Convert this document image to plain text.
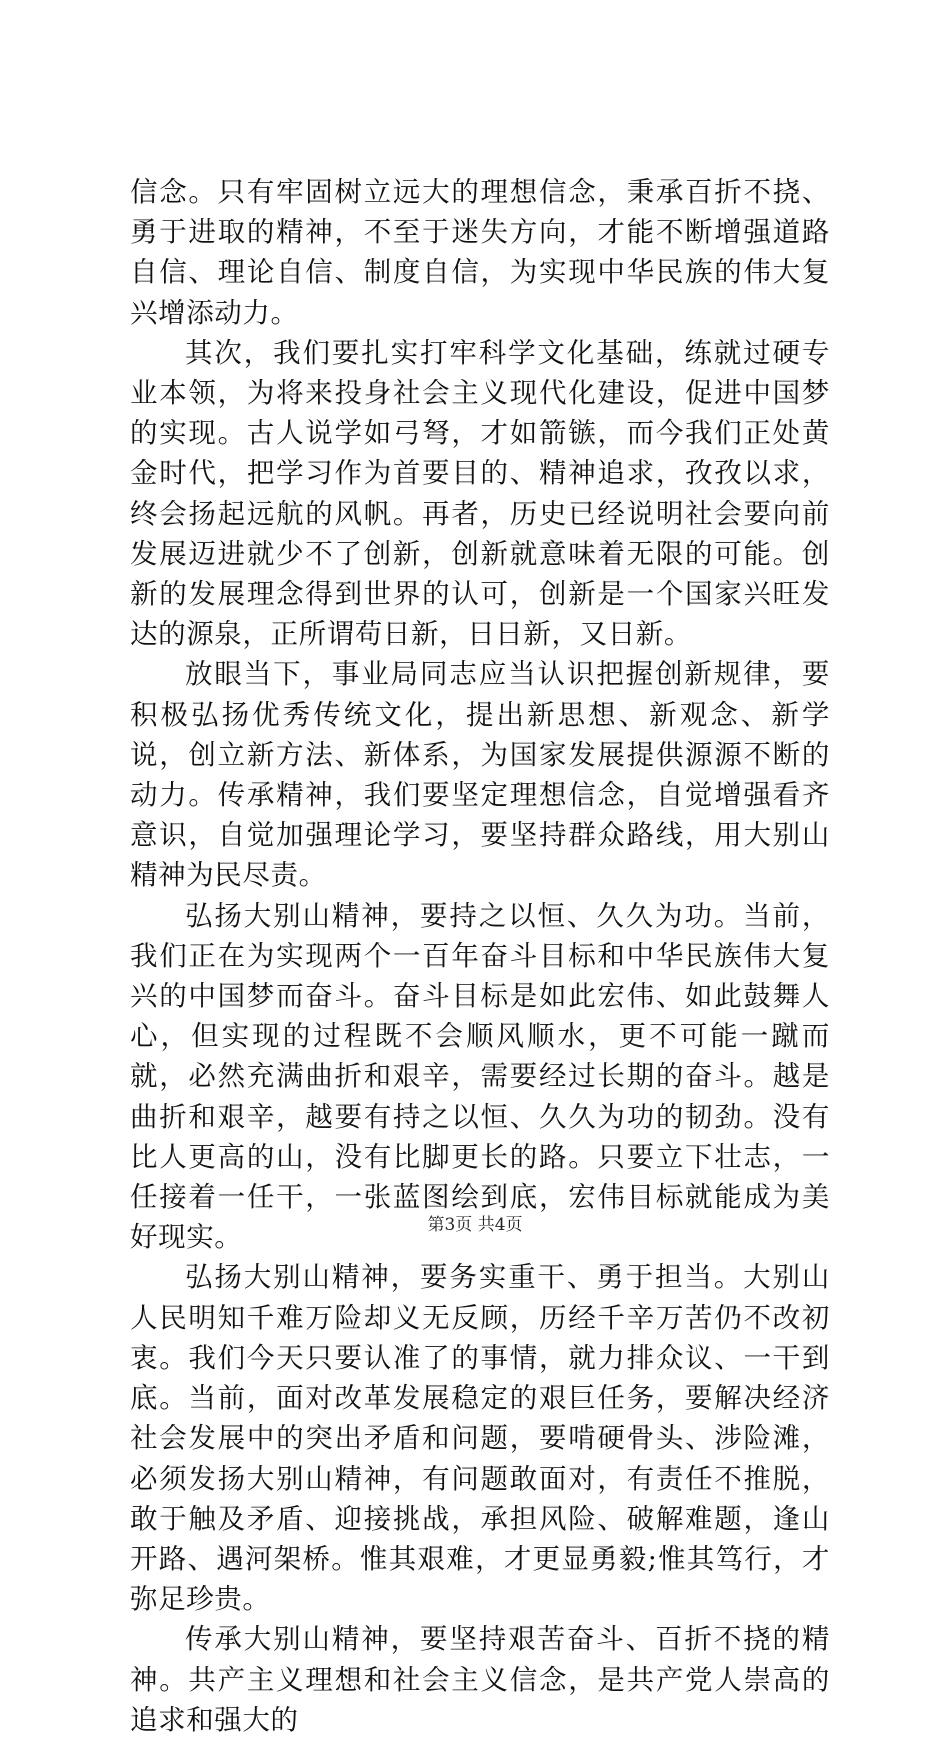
信念。只有牢固树立远大的理想信念，秉承百折不挠、勇于进取的精神，不至于迷失方向，才能不断增强道路自信、理论自信、制度自信，为实现中华民族的伟大复兴增添动力。

其次，我们要扎实打牢科学文化基础，练就过硬专业本领，为将来投身社会主义现代化建设，促进中国梦的实现。古人说学如弓弩，才如箭镞，而今我们正处黄金时代，把学习作为首要目的、精神追求，孜孜以求，终会扬起远航的风帆。再者，历史已经说明社会要向前发展迈进就少不了创新，创新就意味着无限的可能。创新的发展理念得到世界的认可，创新是一个国家兴旺发达的源泉，正所谓苟日新，日日新，又日新。

放眼当下，事业局同志应当认识把握创新规律，要积极弘扬优秀传统文化，提出新思想、新观念、新学说，创立新方法、新体系，为国家发展提供源源不断的动力。传承精神，我们要坚定理想信念，自觉增强看齐意识，自觉加强理论学习，要坚持群众路线，用大别山精神为民尽责。

弘扬大别山精神，要持之以恒、久久为功。当前，我们正在为实现两个一百年奋斗目标和中华民族伟大复兴的中国梦而奋斗。奋斗目标是如此宏伟、如此鼓舞人心，但实现的过程既不会顺风顺水，更不可能一蹴而就，必然充满曲折和艰辛，需要经过长期的奋斗。越是曲折和艰辛，越要有持之以恒、久久为功的韧劲。没有比人更高的山，没有比脚更长的路。只要立下壮志，一任接着一任干，一张蓝图绘到底，宏伟目标就能成为美好现实。

弘扬大别山精神，要务实重干、勇于担当。大别山人民明知千难万险却义无反顾，历经千辛万苦仍不改初衷。我们今天只要认准了的事情，就力排众议、一干到底。当前，面对改革发展稳定的艰巨任务，要解决经济社会发展中的突出矛盾和问题，要啃硬骨头、涉险滩，必须发扬大别山精神，有问题敢面对，有责任不推脱，敢于触及矛盾、迎接挑战，承担风险、破解难题，逢山开路、遇河架桥。惟其艰难，才更显勇毅;惟其笃行，才弥足珍贵。

传承大别山精神，要坚持艰苦奋斗、百折不挠的精神。共产主义理想和社会主义信念，是共产党人崇高的追求和强大的

第3页 共4页
